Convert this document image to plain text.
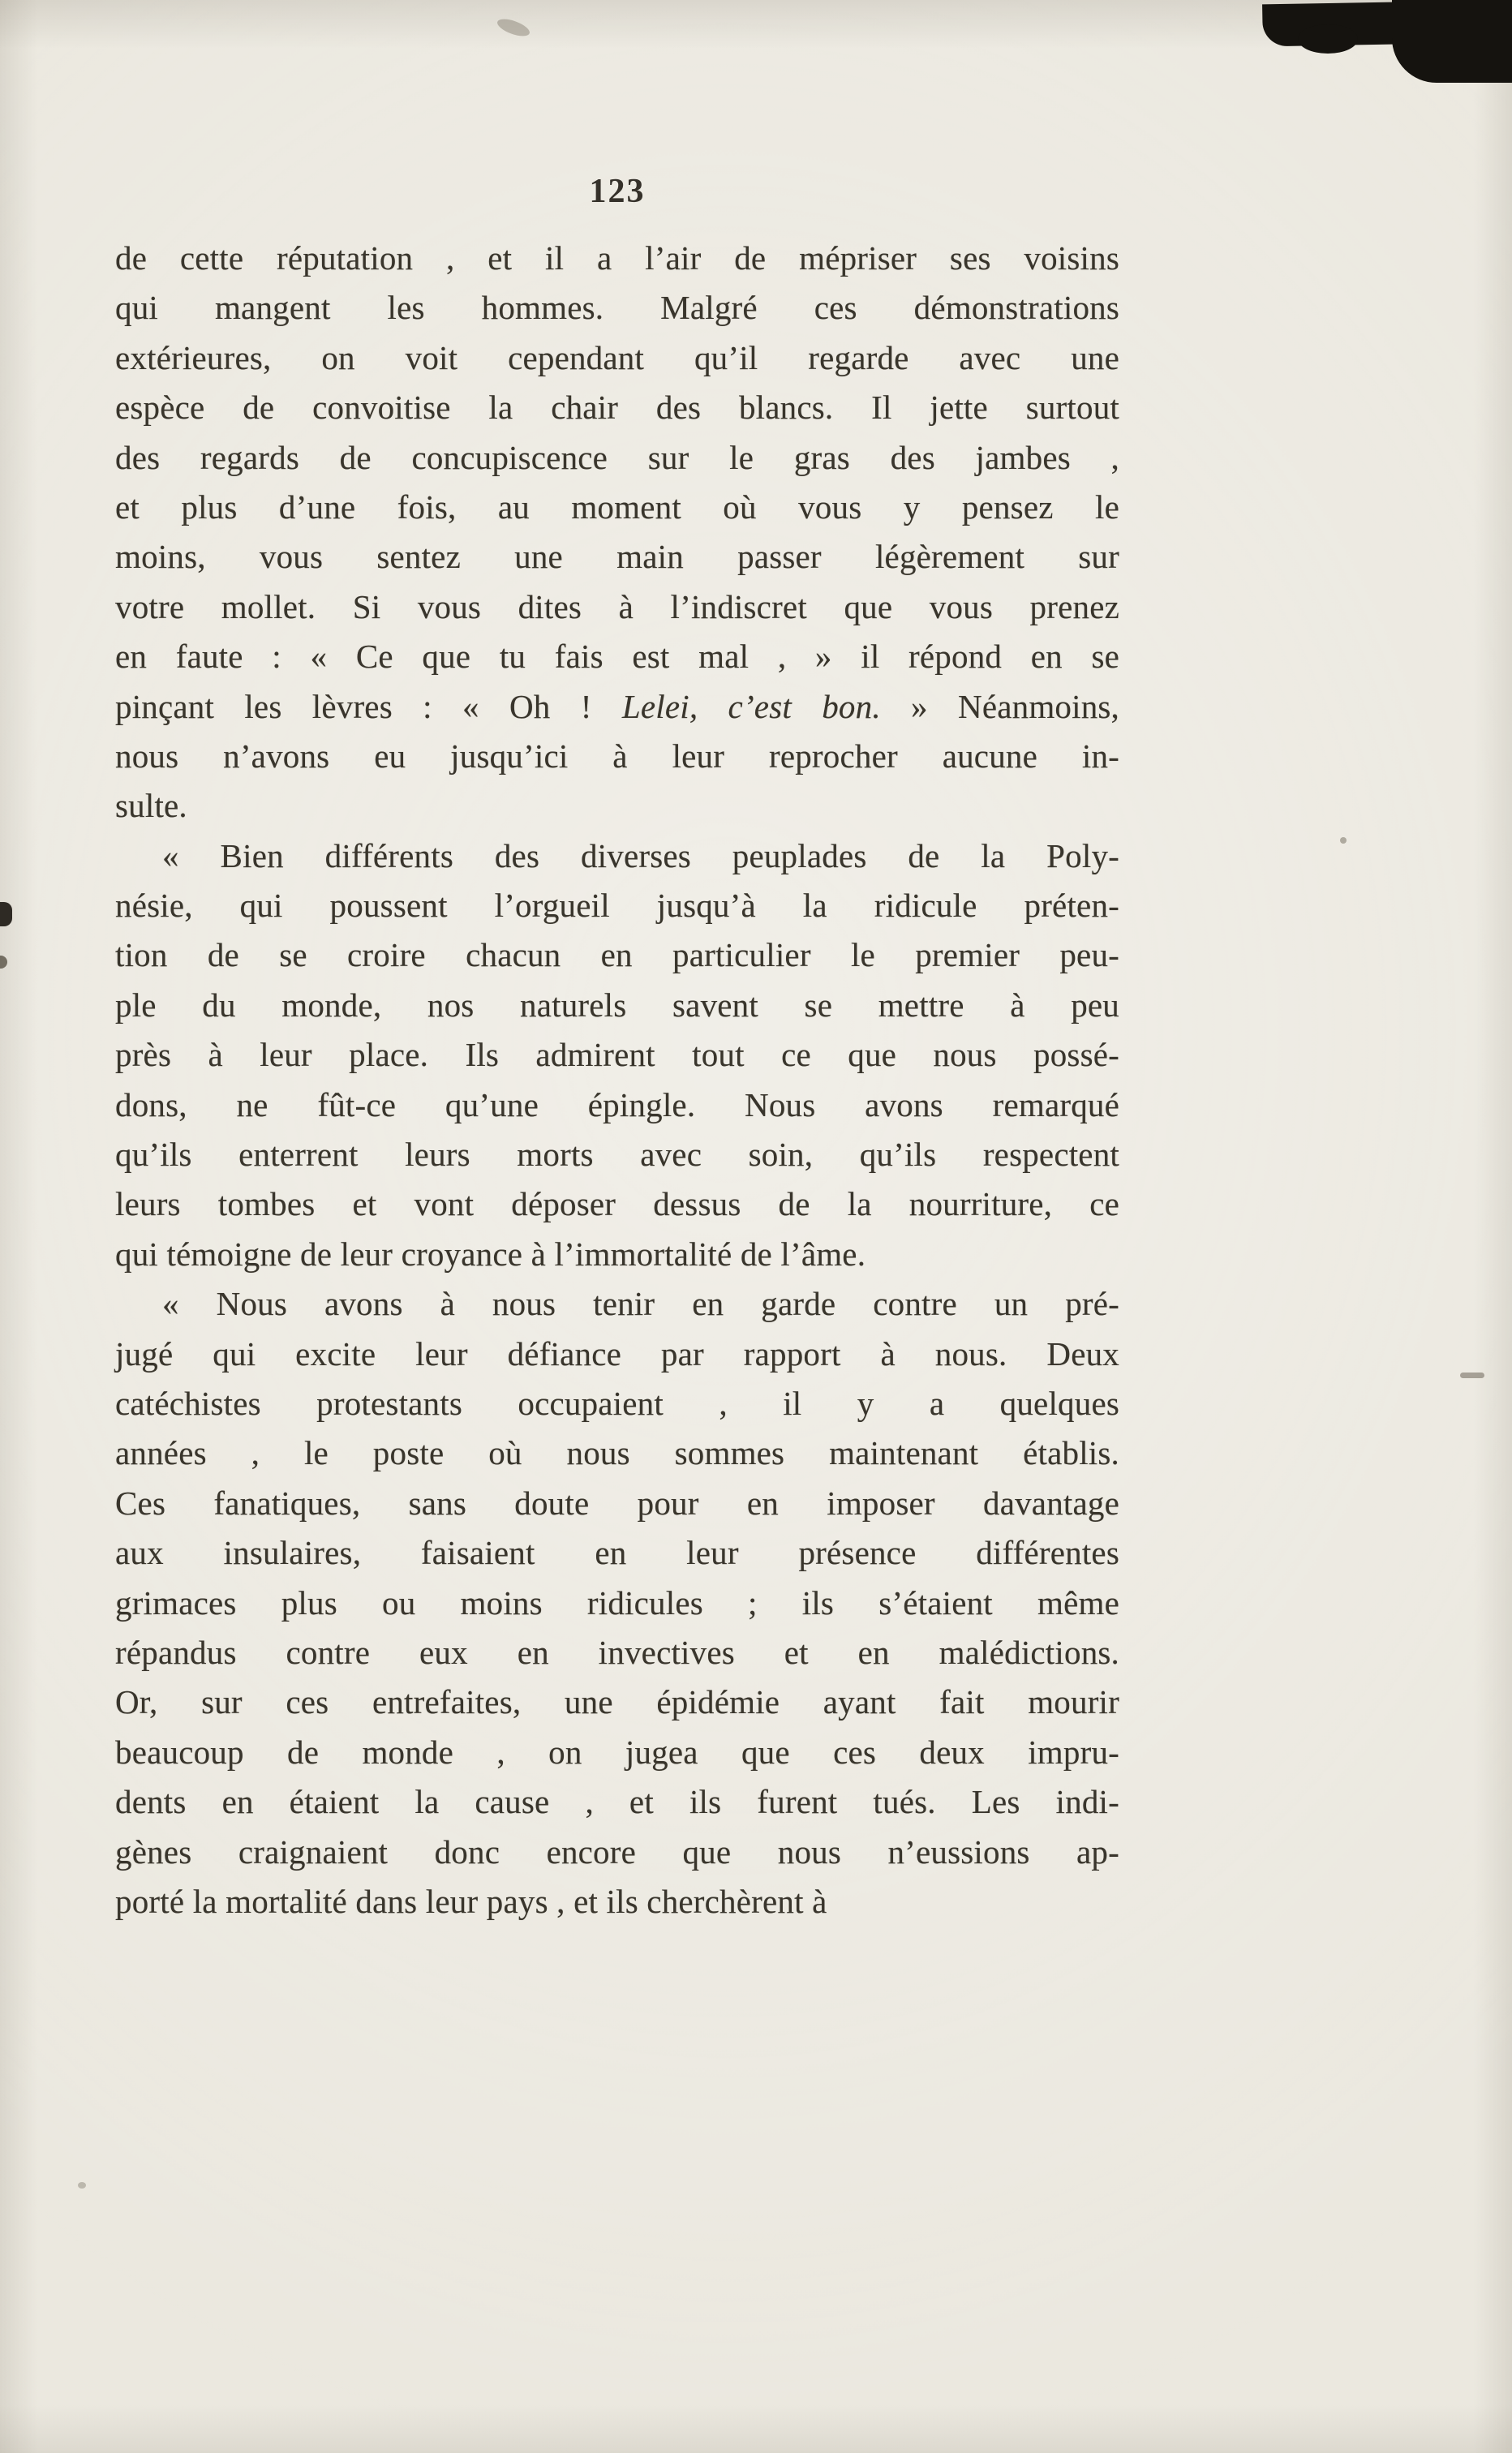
123
de cette réputation , et il a l’air de mépriser ses voisins
qui mangent les hommes. Malgré ces démonstrations
extérieures, on voit cependant qu’il regarde avec une
espèce de convoitise la chair des blancs. Il jette surtout
des regards de concupiscence sur le gras des jambes ,
et plus d’une fois, au moment où vous y pensez le
moins, vous sentez une main passer légèrement sur
votre mollet. Si vous dites à l’indiscret que vous prenez
en faute : « Ce que tu fais est mal , » il répond en se
pinçant les lèvres : « Oh ! Lelei, c’est bon. » Néanmoins,
nous n’avons eu jusqu’ici à leur reprocher aucune in-
sulte.
« Bien différents des diverses peuplades de la Poly-
nésie, qui poussent l’orgueil jusqu’à la ridicule préten-
tion de se croire chacun en particulier le premier peu-
ple du monde, nos naturels savent se mettre à peu
près à leur place. Ils admirent tout ce que nous possé-
dons, ne fût-ce qu’une épingle. Nous avons remarqué
qu’ils enterrent leurs morts avec soin, qu’ils respectent
leurs tombes et vont déposer dessus de la nourriture, ce
qui témoigne de leur croyance à l’immortalité de l’âme.
« Nous avons à nous tenir en garde contre un pré-
jugé qui excite leur défiance par rapport à nous. Deux
catéchistes protestants occupaient , il y a quelques
années , le poste où nous sommes maintenant établis.
Ces fanatiques, sans doute pour en imposer davantage
aux insulaires, faisaient en leur présence différentes
grimaces plus ou moins ridicules ; ils s’étaient même
répandus contre eux en invectives et en malédictions.
Or, sur ces entrefaites, une épidémie ayant fait mourir
beaucoup de monde , on jugea que ces deux impru-
dents en étaient la cause , et ils furent tués. Les indi-
gènes craignaient donc encore que nous n’eussions ap-
porté la mortalité dans leur pays , et ils cherchèrent à
